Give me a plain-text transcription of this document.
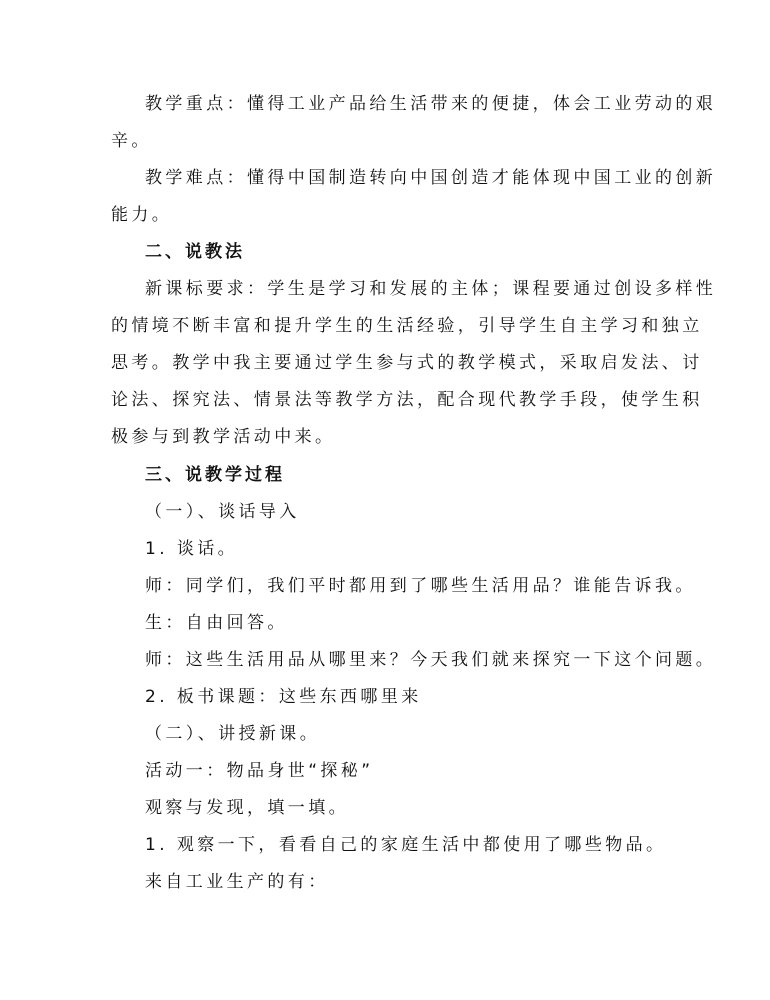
教学重点：懂得工业产品给生活带来的便捷，体会工业劳动的艰
辛。
教学难点：懂得中国制造转向中国创造才能体现中国工业的创新
能力。
二、说教法
新课标要求：学生是学习和发展的主体；课程要通过创设多样性
的情境不断丰富和提升学生的生活经验，引导学生自主学习和独立
思考。教学中我主要通过学生参与式的教学模式，采取启发法、讨
论法、探究法、情景法等教学方法，配合现代教学手段，使学生积
极参与到教学活动中来。
三、说教学过程
（一）、谈话导入
1. 谈话。
师：同学们，我们平时都用到了哪些生活用品？谁能告诉我。
生：自由回答。
师：这些生活用品从哪里来？今天我们就来探究一下这个问题。
2. 板书课题：这些东西哪里来
（二）、讲授新课。
活动一：物品身世“探秘”
观察与发现，填一填。
1. 观察一下，看看自己的家庭生活中都使用了哪些物品。
来自工业生产的有：
